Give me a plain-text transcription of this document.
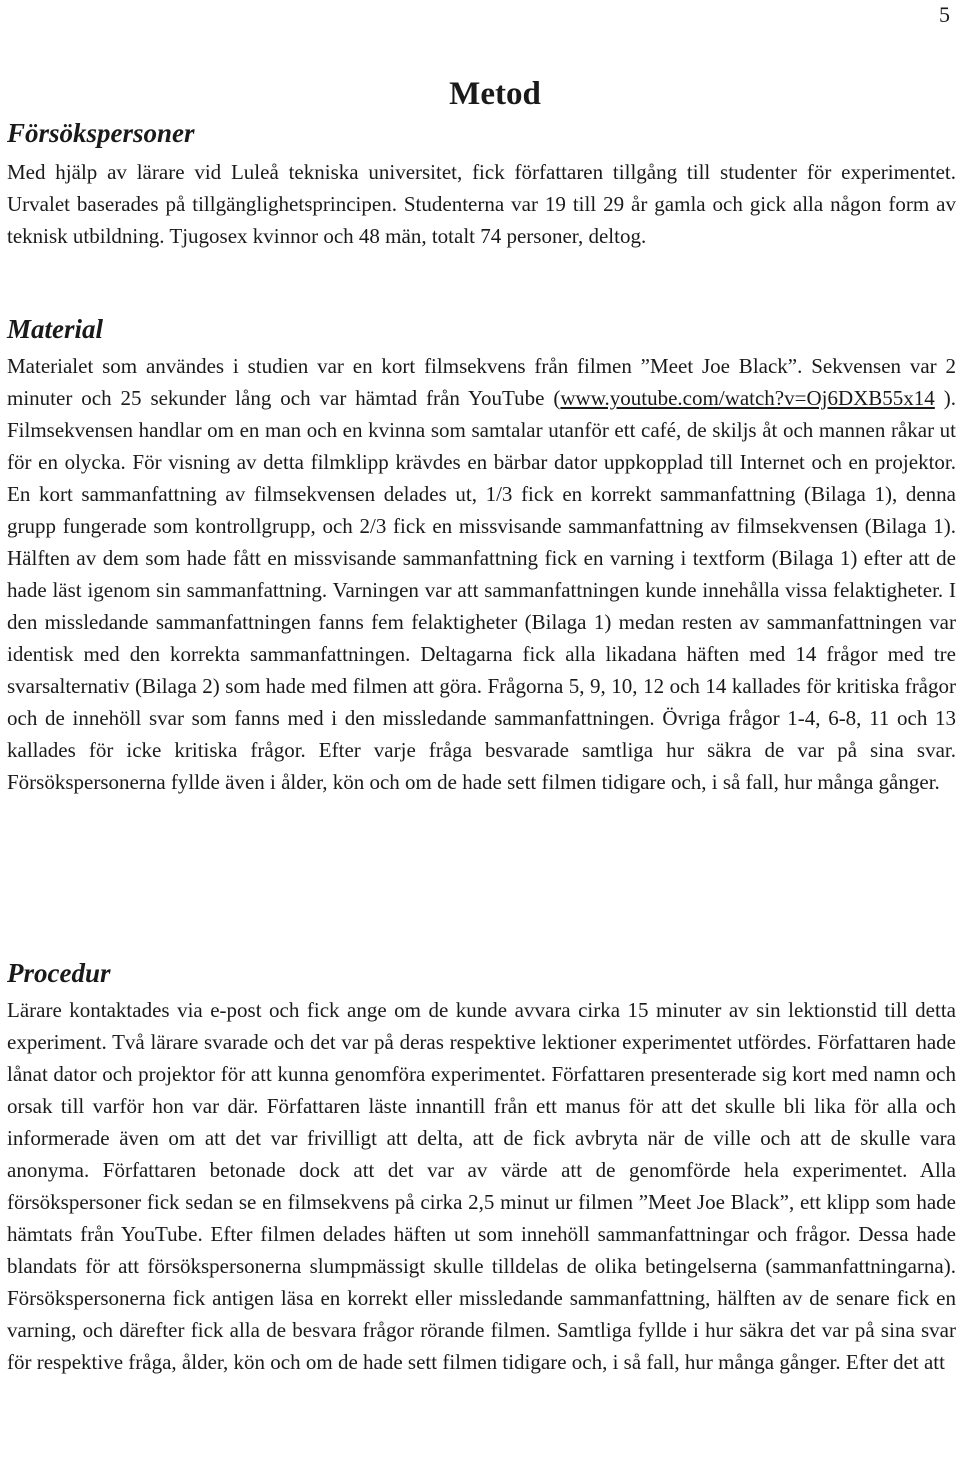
5
Metod
Försökspersoner

Med hjälp av lärare vid Luleå tekniska universitet, fick författaren tillgång till studenter för experimentet. Urvalet baserades på tillgänglighetsprincipen. Studenterna var 19 till 29 år gamla och gick alla någon form av teknisk utbildning. Tjugosex kvinnor och 48 män, totalt 74 personer, deltog.

Material

Materialet som användes i studien var en kort filmsekvens från filmen ”Meet Joe Black”. Sekvensen var 2 minuter och 25 sekunder lång och var hämtad från YouTube (www.youtube.com/watch?v=Oj6DXB55x14 ). Filmsekvensen handlar om en man och en kvinna som samtalar utanför ett café, de skiljs åt och mannen råkar ut för en olycka. För visning av detta filmklipp krävdes en bärbar dator uppkopplad till Internet och en projektor. En kort sammanfattning av filmsekvensen delades ut, 1/3 fick en korrekt sammanfattning (Bilaga 1), denna grupp fungerade som kontrollgrupp, och 2/3 fick en missvisande sammanfattning av filmsekvensen (Bilaga 1). Hälften av dem som hade fått en missvisande sammanfattning fick en varning i textform (Bilaga 1) efter att de hade läst igenom sin sammanfattning. Varningen var att sammanfattningen kunde innehålla vissa felaktigheter. I den missledande sammanfattningen fanns fem felaktigheter (Bilaga 1) medan resten av sammanfattningen var identisk med den korrekta sammanfattningen. Deltagarna fick alla likadana häften med 14 frågor med tre svarsalternativ (Bilaga 2) som hade med filmen att göra. Frågorna 5, 9, 10, 12 och 14 kallades för kritiska frågor och de innehöll svar som fanns med i den missledande sammanfattningen. Övriga frågor 1-4, 6-8, 11 och 13 kallades för icke kritiska frågor. Efter varje fråga besvarade samtliga hur säkra de var på sina svar. Försökspersonerna fyllde även i ålder, kön och om de hade sett filmen tidigare och, i så fall, hur många gånger.

Procedur

Lärare kontaktades via e-post och fick ange om de kunde avvara cirka 15 minuter av sin lektionstid till detta experiment. Två lärare svarade och det var på deras respektive lektioner experimentet utfördes. Författaren hade lånat dator och projektor för att kunna genomföra experimentet. Författaren presenterade sig kort med namn och orsak till varför hon var där. Författaren läste innantill från ett manus för att det skulle bli lika för alla och informerade även om att det var frivilligt att delta, att de fick avbryta när de ville och att de skulle vara anonyma. Författaren betonade dock att det var av värde att de genomförde hela experimentet. Alla försökspersoner fick sedan se en filmsekvens på cirka 2,5 minut ur filmen ”Meet Joe Black”, ett klipp som hade hämtats från YouTube. Efter filmen delades häften ut som innehöll sammanfattningar och frågor. Dessa hade blandats för att försökspersonerna slumpmässigt skulle tilldelas de olika betingelserna (sammanfattningarna). Försökspersonerna fick antigen läsa en korrekt eller missledande sammanfattning, hälften av de senare fick en varning, och därefter fick alla de besvara frågor rörande filmen. Samtliga fyllde i hur säkra det var på sina svar för respektive fråga, ålder, kön och om de hade sett filmen tidigare och, i så fall, hur många gånger. Efter det att
